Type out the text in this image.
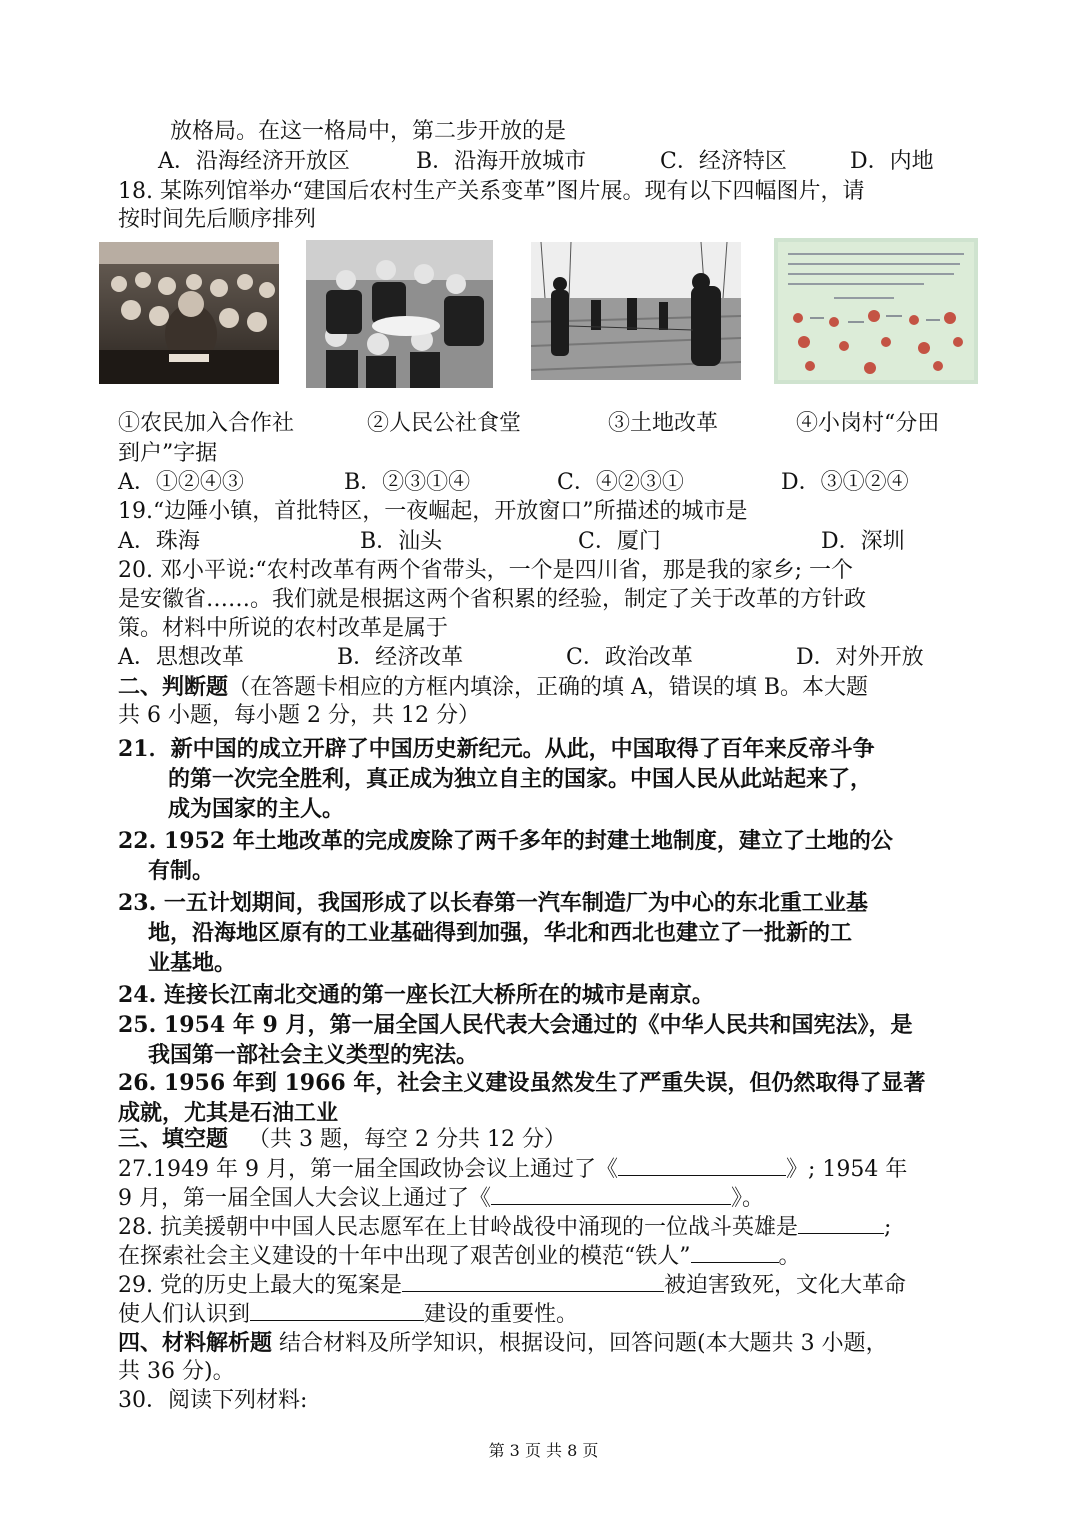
放格局。在这一格局中，第二步开放的是
A．沿海经济开放区	B．沿海开放城市	C．经济特区	D．内地
18. 某陈列馆举办“建国后农村生产关系变革”图片展。现有以下四幅图片，请
按时间先后顺序排列
①农民加入合作社	②人民公社食堂	③土地改革	④小岗村“分田
到户”字据
A．①②④③	B．②③①④	C．④②③①	D．③①②④
19.“边陲小镇，首批特区，一夜崛起，开放窗口”所描述的城市是
A．珠海	B．汕头	C．厦门	D．深圳
20. 邓小平说:“农村改革有两个省带头，一个是四川省，那是我的家乡; 一个
是安徽省……。我们就是根据这两个省积累的经验，制定了关于改革的方针政
策。材料中所说的农村改革是属于
A．思想改革	B．经济改革	C．政治改革	D．对外开放
二、判断题（在答题卡相应的方框内填涂，正确的填 A，错误的填 B。本大题
共 6 小题，每小题 2 分，共 12 分）
21．新中国的成立开辟了中国历史新纪元。从此，中国取得了百年来反帝斗争
的第一次完全胜利，真正成为独立自主的国家。中国人民从此站起来了，
成为国家的主人。
22. 1952 年土地改革的完成废除了两千多年的封建土地制度，建立了土地的公
有制。
23. 一五计划期间，我国形成了以长春第一汽车制造厂为中心的东北重工业基
地，沿海地区原有的工业基础得到加强，华北和西北也建立了一批新的工
业基地。
24. 连接长江南北交通的第一座长江大桥所在的城市是南京。
25. 1954 年 9 月，第一届全国人民代表大会通过的《中华人民共和国宪法》，是
我国第一部社会主义类型的宪法。
26. 1956 年到 1966 年，社会主义建设虽然发生了严重失误，但仍然取得了显著
成就，尤其是石油工业
三、填空题 （共 3 题，每空 2 分共 12 分）
27.1949 年 9 月，第一届全国政协会议上通过了《	》; 1954 年
9 月，第一届全国人大会议上通过了《	》。
28. 抗美援朝中中国人民志愿军在上甘岭战役中涌现的一位战斗英雄是	;
在探索社会主义建设的十年中出现了艰苦创业的模范“铁人”	。
29. 党的历史上最大的冤案是	被迫害致死，文化大革命
使人们认识到	建设的重要性。
四、材料解析题 结合材料及所学知识，根据设问，回答问题(本大题共 3 小题，
共 36 分)。
30．阅读下列材料:
第 3 页 共 8 页
